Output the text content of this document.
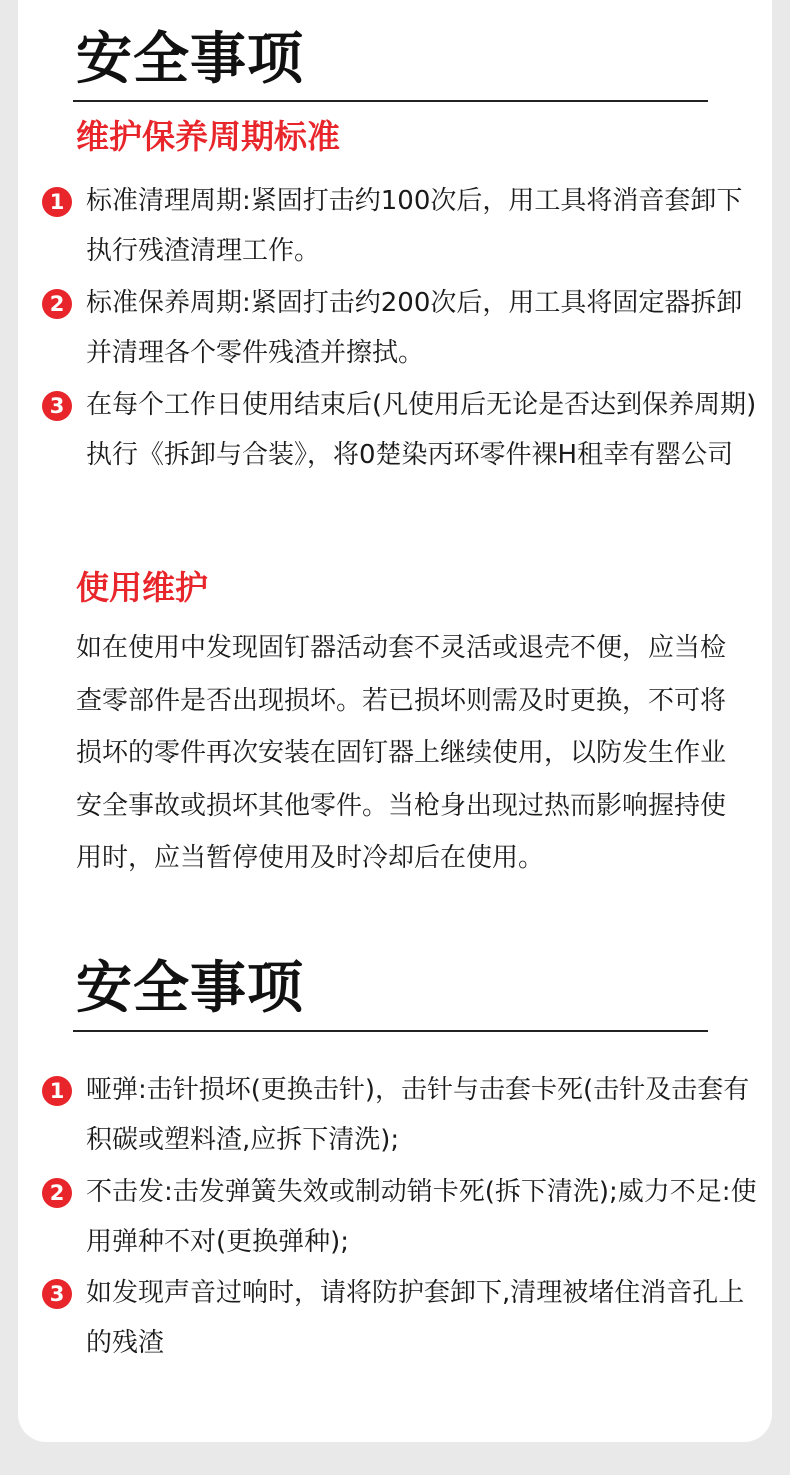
安全事项
维护保养周期标准
1 标准清理周期:紧固打击约100次后，用工具将消音套卸下执行残渣清理工作。

2 标准保养周期:紧固打击约200次后，用工具将固定器拆卸并清理各个零件残渣并擦拭。

3 在每个工作日使用结束后(凡使用后无论是否达到保养周期)执行《拆卸与合装》，将0楚染丙环零件裸H租幸有罂公司

使用维护

如在使用中发现固钉器活动套不灵活或退壳不便，应当检查零部件是否出现损坏。若已损坏则需及时更换，不可将损坏的零件再次安装在固钉器上继续使用，以防发生作业安全事故或损坏其他零件。当枪身出现过热而影响握持使用时，应当暂停使用及时冷却后在使用。

安全事项
1 哑弹:击针损坏(更换击针)，击针与击套卡死(击针及击套有积碳或塑料渣,应拆下清洗);

2 不击发:击发弹簧失效或制动销卡死(拆下清洗);威力不足:使用弹种不对(更换弹种);

3 如发现声音过响时，请将防护套卸下,清理被堵住消音孔上的残渣
